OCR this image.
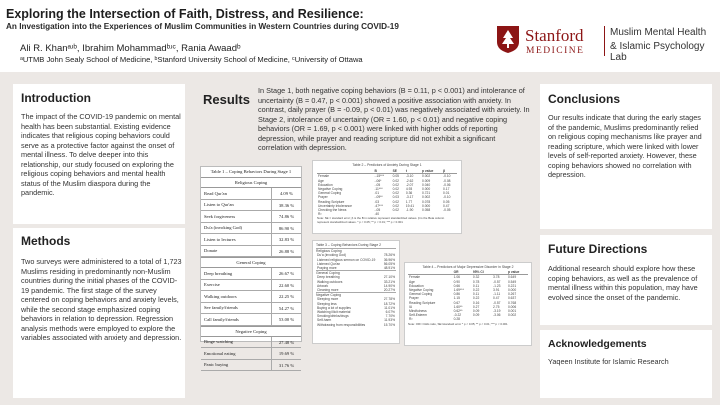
Exploring the Intersection of Faith, Distress, and Resilience:
An Investigation into the Experiences of Muslim Communities in Western Countries during COVID-19
Ali R. Khanᵃʴᵇ, Ibrahim Mohammadᵇʴᶜ, Rania Awaadᵇ
ᵃUTMB John Sealy School of Medicine, ᵇStanford University School of Medicine, ᶜUniversity of Ottawa
Stanford
MEDICINE
Muslim Mental Health
& Islamic Psychology Lab
Introduction
The impact of the COVID-19 pandemic on mental health has been substantial. Existing evidence indicates that religious coping behaviors could serve as a protective factor against the onset of mental illness. To delve deeper into this relationship, our study focused on exploring the religious coping behaviors and mental health status of the Muslim diaspora during the pandemic.
Methods
Two surveys were administered to a total of 1,723 Muslims residing in predominantly non-Muslim countries during the initial phases of the COVID-19 pandemic. The first stage of the survey centered on coping behaviors and anxiety levels, while the second stage emphasized coping behaviors in relation to depression. Regression analysis methods were employed to explore the variables associated with anxiety and depression.
Results
In Stage 1, both negative coping behaviors (B = 0.11, p < 0.001) and intolerance of uncertainty (B = 0.47, p < 0.001) showed a positive association with anxiety. In contrast, daily prayer (B = -0.09, p < 0.01) was negatively associated with anxiety. In Stage 2, intolerance of uncertainty (OR = 1.60, p < 0.01) and negative coping behaviors (OR = 1.69, p < 0.001) were linked with higher odds of reporting depression, while prayer and reading scripture did not exhibit a significant correlation with depression.
Table 1 – Coping Behaviors During Stage 1
Religious Coping
Read Qur'an	4.09 %
Listen to Qur'an	38.36 %
Seek forgiveness	74.86 %
Du'a (invoking God)	86.90 %
Listen to lectures	32.83 %
Donate	26.88 %
General Coping
Deep breathing	26.67 %
Exercise	22.60 %
Walking outdoors	22.25 %
See family/friends	54.27 %
Call family/friends	53.00 %
Negative Coping
Binge watching	27.48 %
Emotional eating	19.69 %
Panic buying	31.76 %
Table 2 – Predictors of Anxiety During Stage 1
	B	SE	t	p value	β
Female	-.15***	0.05	-3.10	0.002	-0.10
Age	-.06*	0.02	-2.62	0.009	-0.08
Education	-.05	0.02	-2.07	0.040	-0.06
Negative Coping	.11***	0.02	4.93	0.000	0.17
General Coping	.01	0.02	0.36	0.721	0.01
Prayer	-.09**	0.03	-3.17	0.002	-0.10
Reading Scripture	.03	0.02	1.77	0.078	0.05
Uncertainty Intolerance	.47***	0.02	19.41	0.000	0.47
Checking the News	-.05	0.02	-1.90	0.058	-0.05
R²	.40				
Note: SE = standard error; β is the B in relative represent standardized values. β is the Beta column represent standardized values. * p < 0.05; ** p < 0.01; *** p < 0.001
Table 3 – Coping Behaviors During Stage 2
Religious Coping
Du'a (invoking God)	78.26%
Listened religious sermon on COVID-19	36.96%
Listened Qur'an	56.05%
Praying more	48.91%
General Coping
Deep breathing	27.10%
Walking outdoors	33.21%
Artwork	14.90%
Cleaning more	20.27%
Negative Coping
Sleeping more	27.78%
Sleeping less	18.72%
Buying a lot of supplies	11.01%
Watching illicit material	6.07%
Smoking/drinks/drugs	7.70%
Self-harm	11.93%
Withdrawing from responsibilities	15.70%
Table 4 – Predictors of Major Depressive Disorder in Stage 2
	OR	95% CI		p value
Female	1.06	0.32	3.78	0.649
Age	0.90	0.78	-0.57	0.549
Education	0.66	0.11	-1.23	0.221
Negative Coping	1.69***	0.22	3.91	0.000
General Coping	0.86	0.11	-1.11	0.267
Prayer	1.15	0.22	0.47	0.637
Reading Scripture	0.67	0.16	-0.57	0.768
IU	1.60**	0.27	2.75	0.006
Mindfulness	0.62**	0.09	-3.19	0.001
Self-Esteem	-0.22	0.09	-3.06	0.002
R²	0.28			
Note: OR= Odds ratio, SE=standard error * p < 0.05; ** p < 0.01; *** p < 0.001
Conclusions
Our results indicate that during the early stages of the pandemic, Muslims predominantly relied on religious coping mechanisms like prayer and reading scripture, which were linked with lower levels of self-reported anxiety. However, these coping behaviors showed no correlation with depression.
Future Directions
Additional research should explore how these coping behaviors, as well as the prevalence of mental illness within this population, may have evolved since the onset of the pandemic.
Acknowledgements
Yaqeen Institute for Islamic Research
